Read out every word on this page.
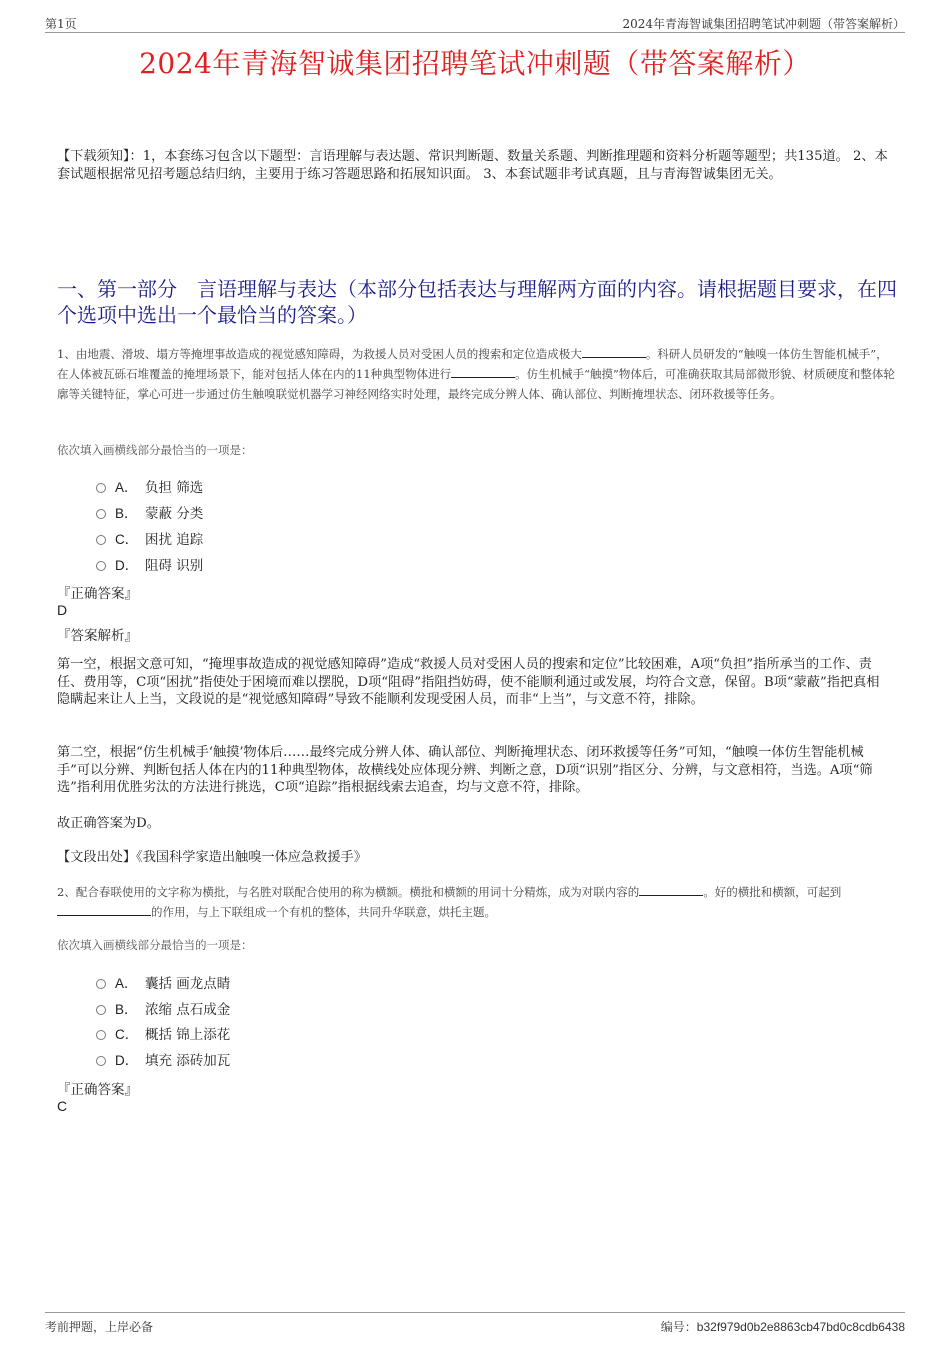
第1页	2024年青海智诚集团招聘笔试冲刺题（带答案解析）
2024年青海智诚集团招聘笔试冲刺题（带答案解析）
【下载须知】：1，本套练习包含以下题型：言语理解与表达题、常识判断题、数量关系题、判断推理题和资料分析题等题型；共135道。 2、本套试题根据常见招考题总结归纳，主要用于练习答题思路和拓展知识面。 3、本套试题非考试真题，且与青海智诚集团无关。
一、第一部分　言语理解与表达（本部分包括表达与理解两方面的内容。请根据题目要求，在四个选项中选出一个最恰当的答案。）
1、由地震、滑坡、塌方等掩埋事故造成的视觉感知障碍，为救援人员对受困人员的搜索和定位造成极大	。科研人员研发的“触嗅一体仿生智能机械手”，在人体被瓦砾石堆覆盖的掩埋场景下，能对包括人体在内的11种典型物体进行	。仿生机械手“触摸”物体后，可准确获取其局部微形貌、材质硬度和整体轮廓等关键特征，掌心可进一步通过仿生触嗅联觉机器学习神经网络实时处理，最终完成分辨人体、确认部位、判断掩埋状态、闭环救援等任务。
依次填入画横线部分最恰当的一项是：
A． 负担 筛选
B． 蒙蔽 分类
C． 困扰 追踪
D． 阻碍 识别
『正确答案』
D
『答案解析』
第一空，根据文意可知，“掩埋事故造成的视觉感知障碍”造成“救援人员对受困人员的搜索和定位”比较困难，A项“负担”指所承当的工作、责任、费用等，C项“困扰”指使处于困境而难以摆脱，D项“阻碍”指阻挡妨碍，使不能顺利通过或发展，均符合文意，保留。B项“蒙蔽”指把真相隐瞒起来让人上当，文段说的是“视觉感知障碍”导致不能顺利发现受困人员，而非“上当”，与文意不符，排除。
第二空，根据“仿生机械手‘触摸’物体后……最终完成分辨人体、确认部位、判断掩埋状态、闭环救援等任务”可知，“触嗅一体仿生智能机械手”可以分辨、判断包括人体在内的11种典型物体，故横线处应体现分辨、判断之意，D项“识别”指区分、分辨，与文意相符，当选。A项“筛选”指利用优胜劣汰的方法进行挑选，C项“追踪”指根据线索去追查，均与文意不符，排除。
故正确答案为D。
【文段出处】《我国科学家造出触嗅一体应急救援手》
2、配合春联使用的文字称为横批，与名胜对联配合使用的称为横额。横批和横额的用词十分精炼，成为对联内容的	。好的横批和横额，可起到的作用，与上下联组成一个有机的整体，共同升华联意，烘托主题。
依次填入画横线部分最恰当的一项是：
A． 囊括 画龙点睛
B． 浓缩 点石成金
C． 概括 锦上添花
D． 填充 添砖加瓦
『正确答案』
C
考前押题，上岸必备	编号：b32f979d0b2e8863cb47bd0c8cdb6438
